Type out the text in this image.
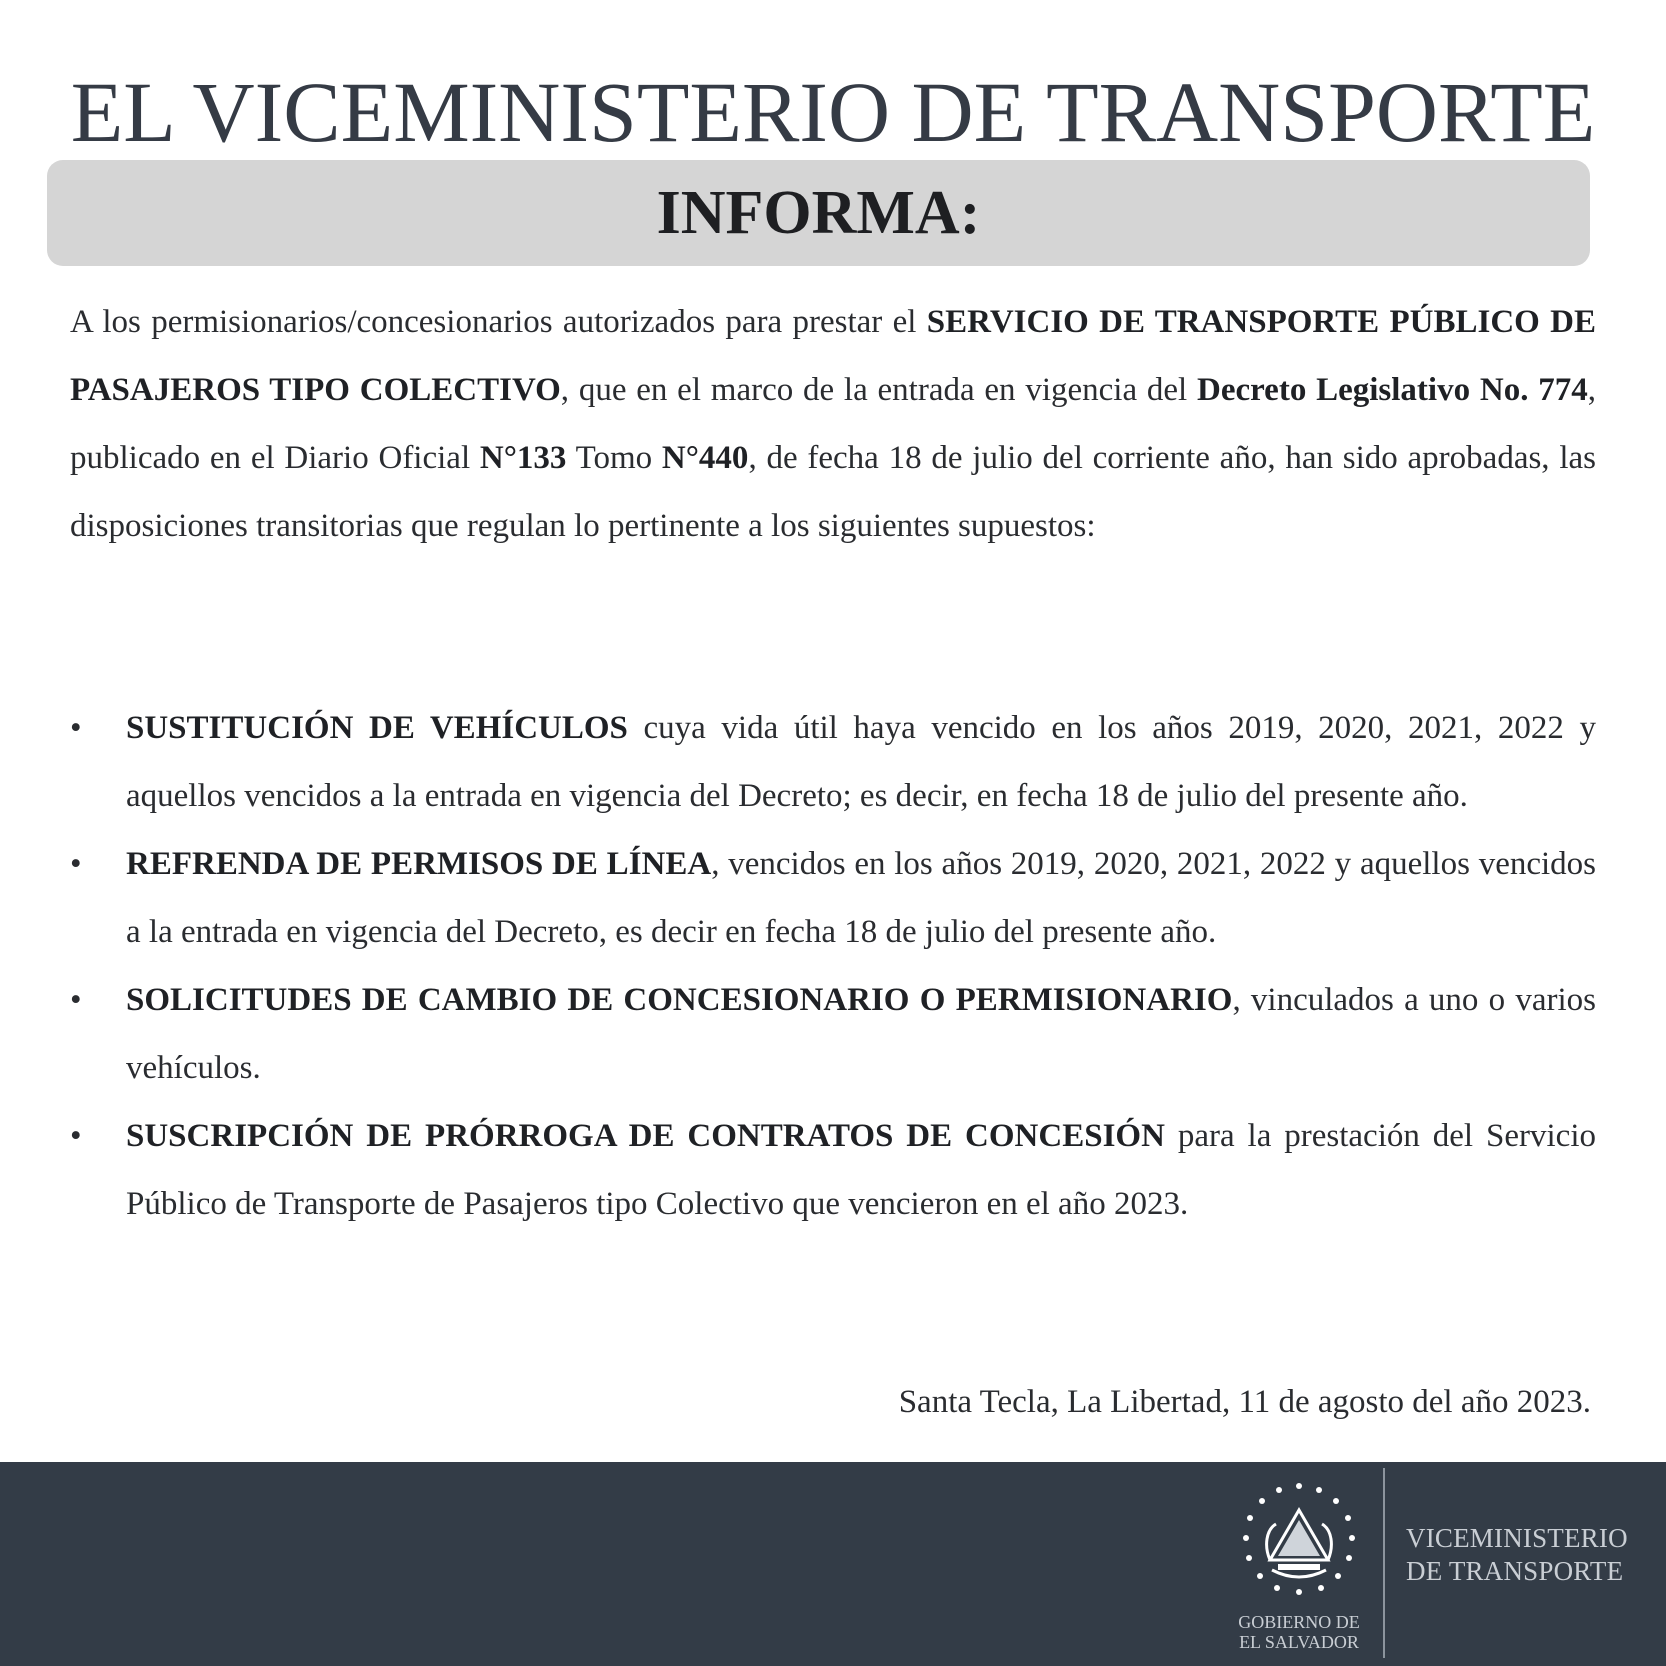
EL VICEMINISTERIO DE TRANSPORTE
INFORMA:
A los permisionarios/concesionarios autorizados para prestar el SERVICIO DE TRANSPORTE PÚBLICO DE PASAJEROS TIPO COLECTIVO, que en el marco de la entrada en vigencia del Decreto Legislativo No. 774, publicado en el Diario Oficial N°133 Tomo N°440, de fecha 18 de julio del corriente año, han sido aprobadas, las disposiciones transitorias que regulan lo pertinente a los siguientes supuestos:
• SUSTITUCIÓN DE VEHÍCULOS cuya vida útil haya vencido en los años 2019, 2020, 2021, 2022 y aquellos vencidos a la entrada en vigencia del Decreto; es decir, en fecha 18 de julio del presente año.
• REFRENDA DE PERMISOS DE LÍNEA, vencidos en los años 2019, 2020, 2021, 2022 y aquellos vencidos a la entrada en vigencia del Decreto, es decir en fecha 18 de julio del presente año.
• SOLICITUDES DE CAMBIO DE CONCESIONARIO O PERMISIONARIO, vinculados a uno o varios vehículos.
• SUSCRIPCIÓN DE PRÓRROGA DE CONTRATOS DE CONCESIÓN para la prestación del Servicio Público de Transporte de Pasajeros tipo Colectivo que vencieron en el año 2023.
Santa Tecla, La Libertad, 11 de agosto del año 2023.
GOBIERNO DE
EL SALVADOR
VICEMINISTERIO
DE TRANSPORTE
